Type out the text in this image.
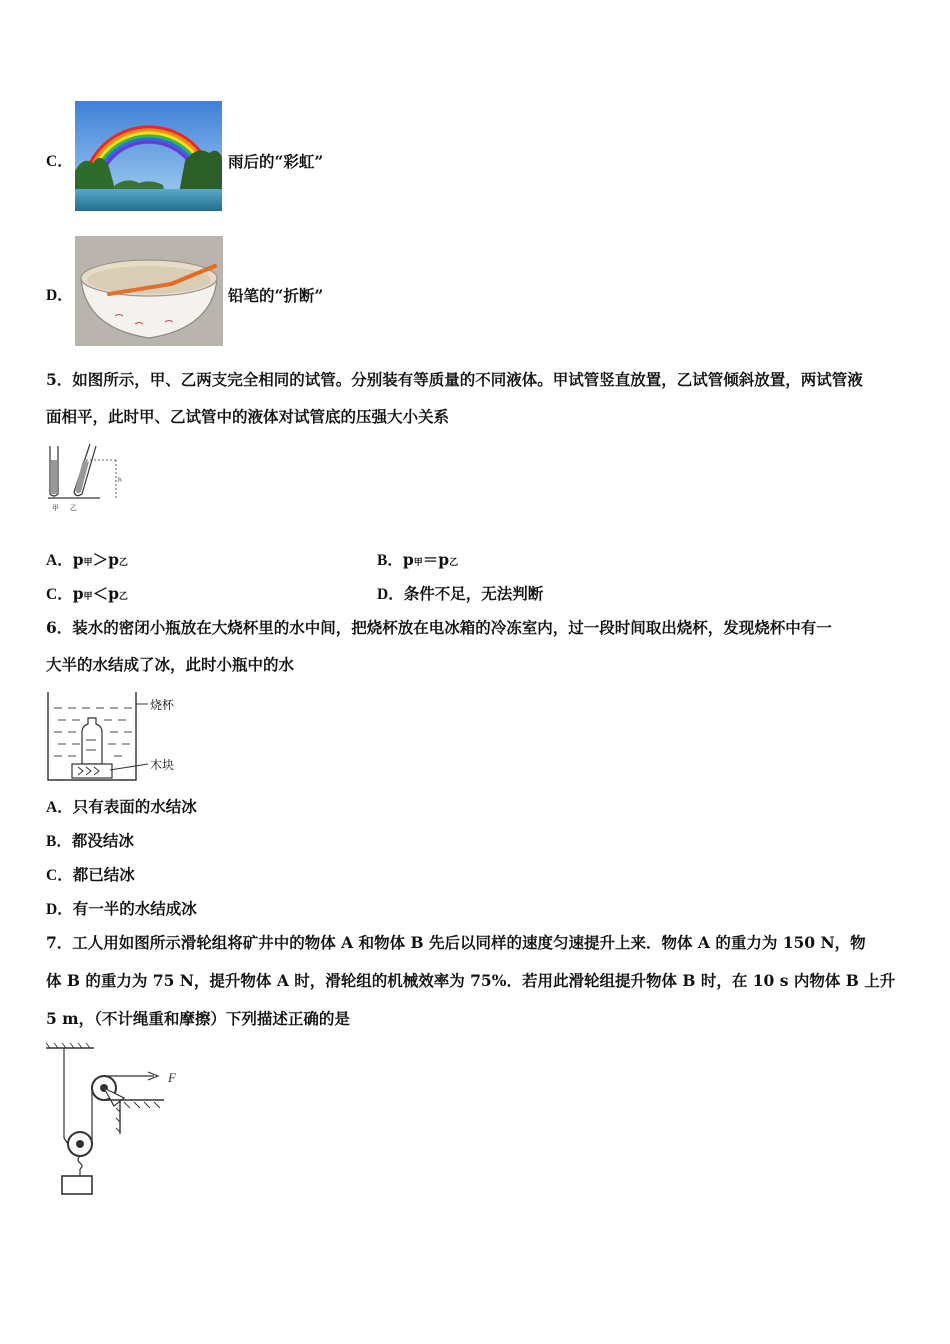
C．	雨后的“彩虹”
D．	铅笔的“折断”
5．如图所示，甲、乙两支完全相同的试管。分别装有等质量的不同液体。甲试管竖直放置，乙试管倾斜放置，两试管液
面相平，此时甲、乙试管中的液体对试管底的压强大小关系
h
甲 乙
A．p甲＞p乙	B．p甲＝p乙
C．p甲＜p乙	D．条件不足，无法判断
6．装水的密闭小瓶放在大烧杯里的水中间，把烧杯放在电冰箱的冷冻室内，过一段时间取出烧杯，发现烧杯中有一
大半的水结成了冰，此时小瓶中的水
烧杯
木块
A．只有表面的水结冰
B．都没结冰
C．都已结冰
D．有一半的水结成冰
7．工人用如图所示滑轮组将矿井中的物体 A 和物体 B 先后以同样的速度匀速提升上来．物体 A 的重力为 150 N，物
体 B 的重力为 75 N，提升物体 A 时，滑轮组的机械效率为 75%．若用此滑轮组提升物体 B 时，在 10 s 内物体 B 上升
5 m，（不计绳重和摩擦）下列描述正确的是
F
